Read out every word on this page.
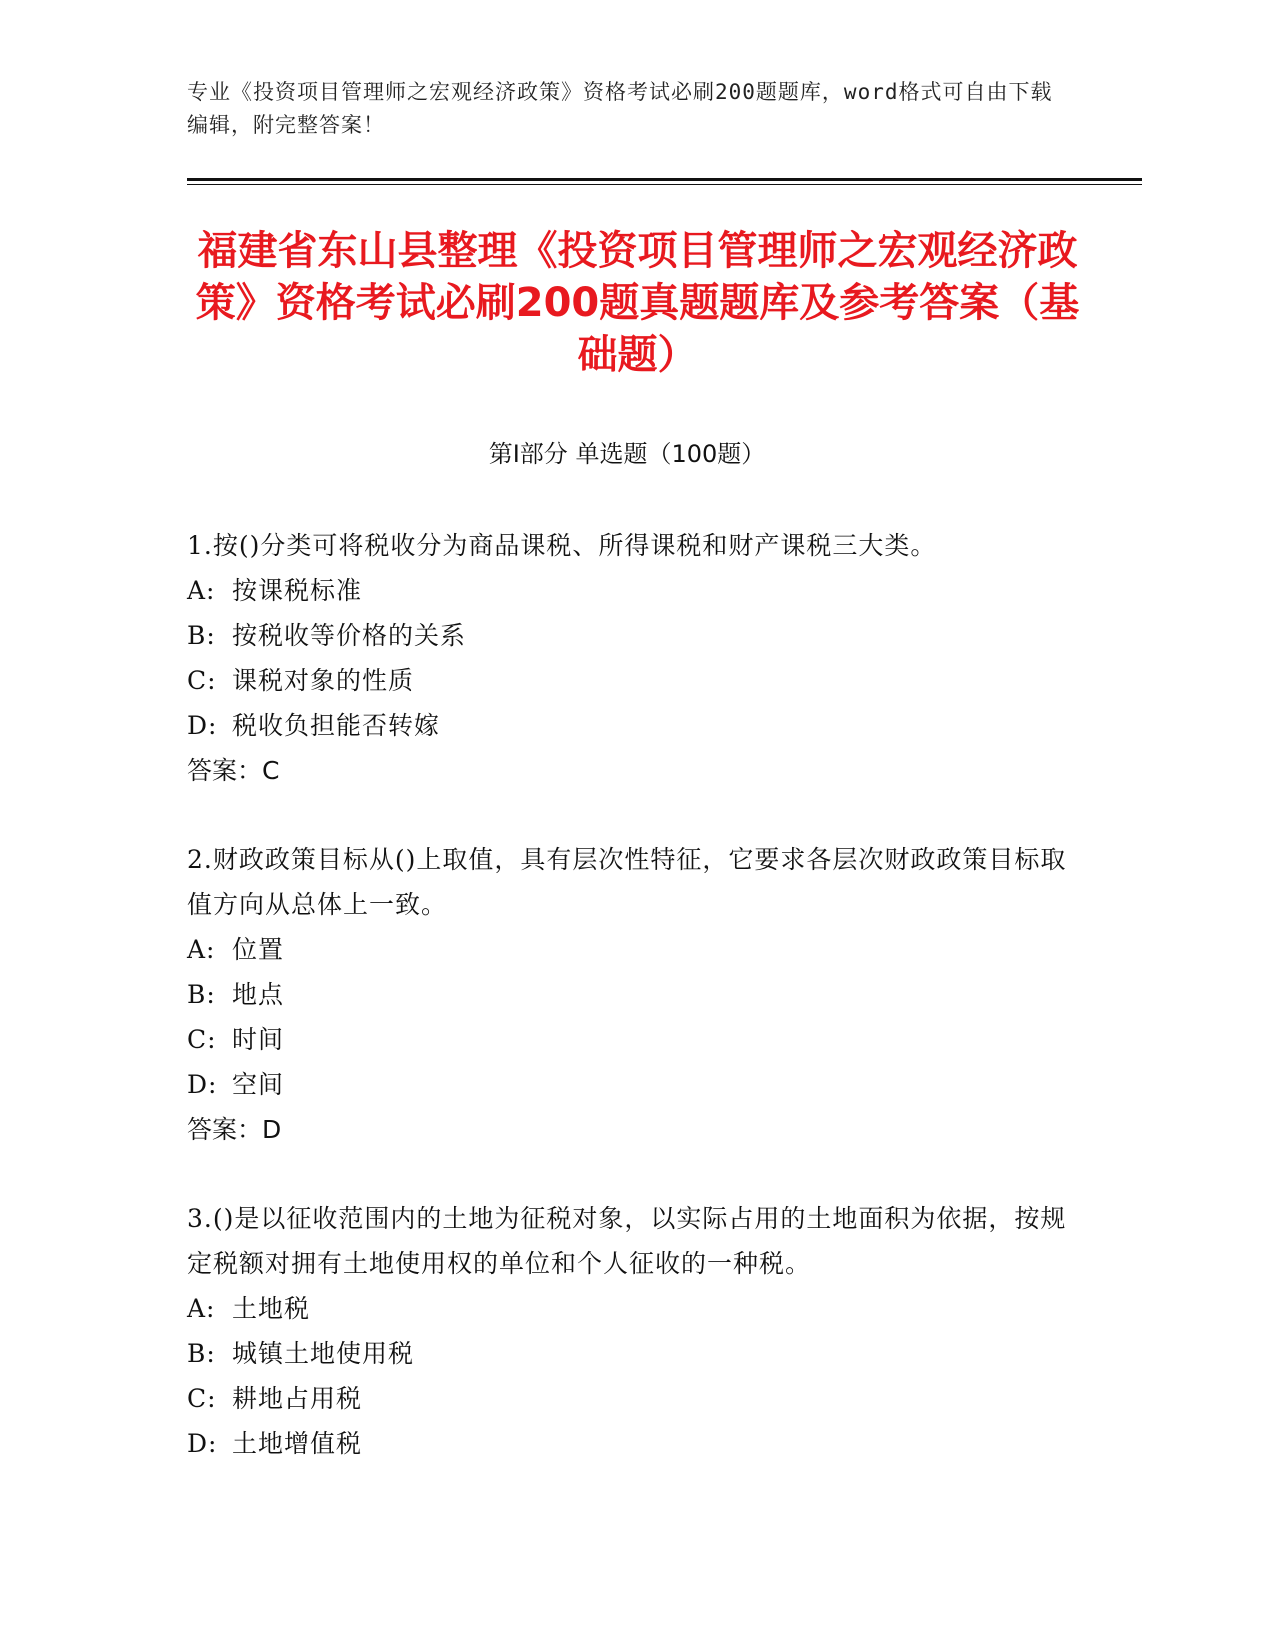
专业《投资项目管理师之宏观经济政策》资格考试必刷200题题库，word格式可自由下载编辑，附完整答案！
福建省东山县整理《投资项目管理师之宏观经济政策》资格考试必刷200题真题题库及参考答案（基础题）
第Ⅰ部分 单选题（100题）

1.按()分类可将税收分为商品课税、所得课税和财产课税三大类。

A: 按课税标准

B: 按税收等价格的关系

C: 课税对象的性质

D: 税收负担能否转嫁

答案：C

2.财政政策目标从()上取值，具有层次性特征，它要求各层次财政政策目标取值方向从总体上一致。

A: 位置

B: 地点

C: 时间

D: 空间

答案：D

3.()是以征收范围内的土地为征税对象，以实际占用的土地面积为依据，按规定税额对拥有土地使用权的单位和个人征收的一种税。

A: 土地税

B: 城镇土地使用税

C: 耕地占用税

D: 土地增值税
